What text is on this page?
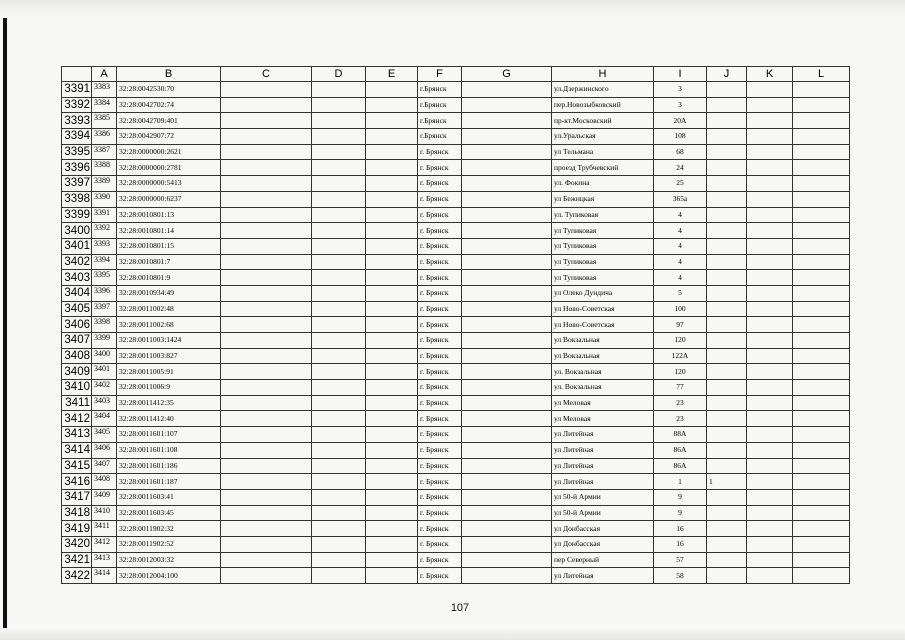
	A	B	C	D	E	F	G	H	I	J	K	L
3391	3383	32:28:0042530:70				г.Брянск		ул.Дзержинского	3			
3392	3384	32:28:0042702:74				г.Брянск		пер.Новозыбковский	3			
3393	3385	32:28:0042709:401				г.Брянск		пр-кт.Московский	20А			
3394	3386	32:28:0042907:72				г.Брянск		ул.Уральская	108			
3395	3387	32:28:0000000:2621				г. Брянск		ул Тельмана	68			
3396	3388	32:28:0000000:2781				г. Брянск		проезд Трубчевский	24			
3397	3389	32:28:0000000:5413				г. Брянск		ул. Фокина	25			
3398	3390	32:28:0000000:6237				г. Брянск		ул Бежицкая	365а			
3399	3391	32:28:0010801:13				г. Брянск		ул. Тупиковая	4			
3400	3392	32:28:0010801:14				г. Брянск		ул Тупиковая	4			
3401	3393	32:28:0010801:15				г. Брянск		ул Тупиковая	4			
3402	3394	32:28:0010801:7				г. Брянск		ул Тупиковая	4			
3403	3395	32:28:0010801:9				г. Брянск		ул Тупиковая	4			
3404	3396	32:28:0010934:49				г. Брянск		ул Олеко Дундича	5			
3405	3397	32:28:0011002:48				г. Брянск		ул Ново-Советская	100			
3406	3398	32:28:0011002:68				г. Брянск		ул Ново-Советская	97			
3407	3399	32:28:0011003:1424				г. Брянск		ул Вокзальная	120			
3408	3400	32:28:0011003:827				г. Брянск		ул Вокзальная	122А			
3409	3401	32:28:0011005:91				г. Брянск		ул. Вокзальная	120			
3410	3402	32:28:0011006:9				г. Брянск		ул. Вокзальная	77			
3411	3403	32:28:0011412:35				г. Брянск		ул Меловая	23			
3412	3404	32:28:0011412:40				г. Брянск		ул Меловая	23			
3413	3405	32:28:0011601:107				г. Брянск		ул Литейная	88А			
3414	3406	32:28:0011601:108				г. Брянск		ул Литейная	86А			
3415	3407	32:28:0011601:186				г. Брянск		ул Литейная	86А			
3416	3408	32:28:0011601:187				г. Брянск		ул Литейная	1	1		
3417	3409	32:28:0011603:41				г. Брянск		ул 50-й Армии	9			
3418	3410	32:28:0011603:45				г. Брянск		ул 50-й Армии	9			
3419	3411	32:28:0011902:32				г. Брянск		ул Донбасская	16			
3420	3412	32:28:0011902:52				г. Брянск		ул Донбасская	16			
3421	3413	32:28:0012003:32				г. Брянск		пер Северный	57			
3422	3414	32:28:0012004:100				г. Брянск		ул Литейная	58			
107
